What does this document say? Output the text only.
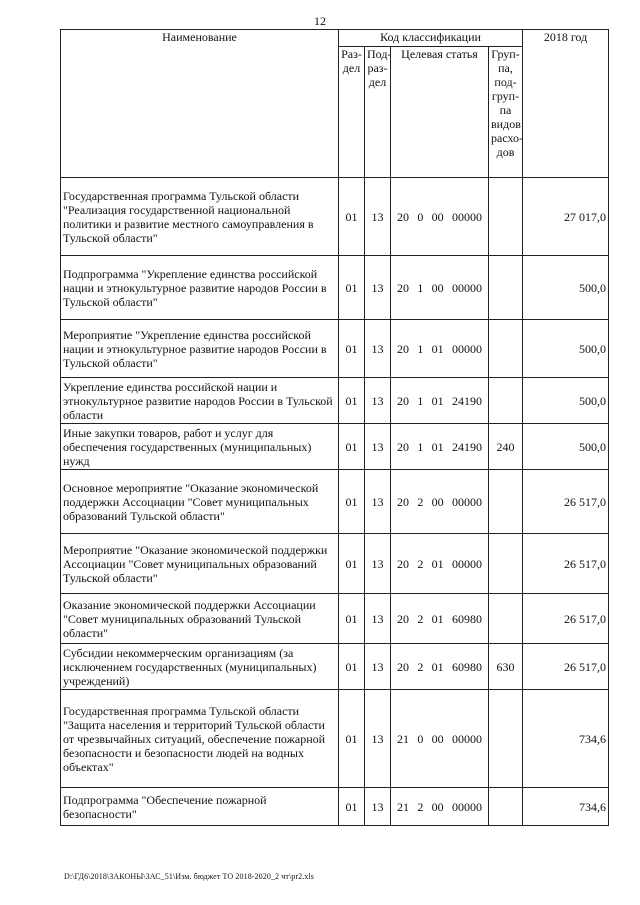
12
Наименование	Код классификации				2018 год
	Раз-дел	Под-раз-дел	Целевая статья	Груп-па, под-груп-па видов расхо-дов	
Государственная программа Тульской области "Реализация государственной национальной политики и развитие местного самоуправления в Тульской области"	01	13	20 0 00 00000		27 017,0
Подпрограмма "Укрепление единства российской нации и этнокультурное развитие народов России в Тульской области"	01	13	20 1 00 00000		500,0
Мероприятие "Укрепление единства российской нации и этнокультурное развитие народов России в Тульской области"	01	13	20 1 01 00000		500,0
Укрепление единства российской нации и этнокультурное развитие народов России в Тульской области	01	13	20 1 01 24190		500,0
Иные закупки товаров, работ и услуг для обеспечения государственных (муниципальных) нужд	01	13	20 1 01 24190	240	500,0
Основное мероприятие "Оказание экономической поддержки Ассоциации "Совет муниципальных образований Тульской области"	01	13	20 2 00 00000		26 517,0
Мероприятие "Оказание экономической поддержки Ассоциации "Совет муниципальных образований Тульской области"	01	13	20 2 01 00000		26 517,0
Оказание экономической поддержки Ассоциации "Совет муниципальных образований Тульской области"	01	13	20 2 01 60980		26 517,0
Субсидии некоммерческим организациям (за исключением государственных (муниципальных) учреждений)	01	13	20 2 01 60980	630	26 517,0
Государственная программа Тульской области "Защита населения и территорий Тульской области от чрезвычайных ситуаций, обеспечение пожарной безопасности и безопасности людей на водных объектах"	01	13	21 0 00 00000		734,6
Подпрограмма "Обеспечение пожарной безопасности"	01	13	21 2 00 00000		734,6
D:\ГД6\2018\ЗАКОНЫ\ЗАС_51\Изм. бюджет ТО 2018-2020_2 чт\pr2.xls
